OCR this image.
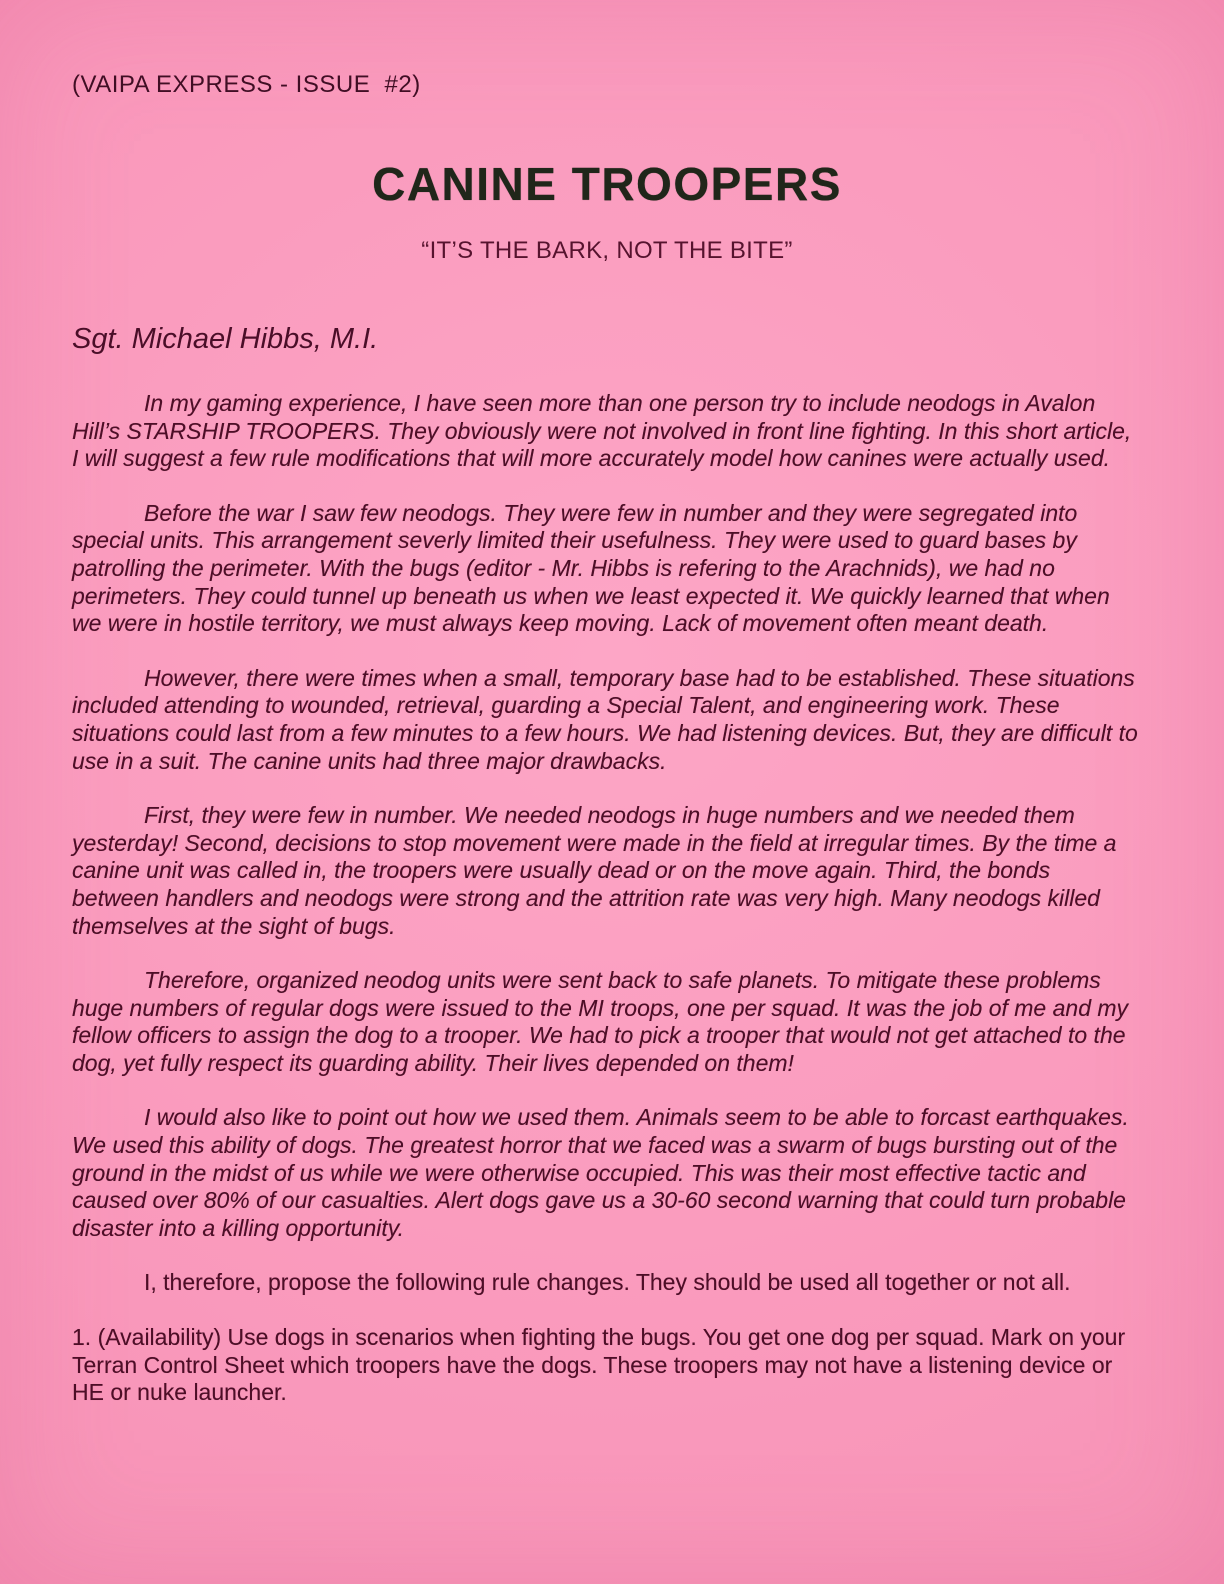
(VAIPA EXPRESS - ISSUE  #2)
CANINE TROOPERS
“IT’S THE BARK, NOT THE BITE”
Sgt. Michael Hibbs, M.I.

In my gaming experience, I have seen more than one person try to include neodogs in Avalon Hill’s STARSHIP TROOPERS. They obviously were not involved in front line fighting. In this short article, I will suggest a few rule modifications that will more accurately model how canines were actually used.

Before the war I saw few neodogs. They were few in number and they were segregated into special units. This arrangement severly limited their usefulness. They were used to guard bases by patrolling the perimeter. With the bugs (editor - Mr. Hibbs is refering to the Arachnids), we had no perimeters. They could tunnel up beneath us when we least expected it. We quickly learned that when we were in hostile territory, we must always keep moving. Lack of movement often meant death.

However, there were times when a small, temporary base had to be established. These situations included attending to wounded, retrieval, guarding a Special Talent, and engineering work. These situations could last from a few minutes to a few hours. We had listening devices. But, they are difficult to use in a suit. The canine units had three major drawbacks.

First, they were few in number. We needed neodogs in huge numbers and we needed them yesterday! Second, decisions to stop movement were made in the field at irregular times. By the time a canine unit was called in, the troopers were usually dead or on the move again. Third, the bonds between handlers and neodogs were strong and the attrition rate was very high. Many neodogs killed themselves at the sight of bugs.

Therefore, organized neodog units were sent back to safe planets. To mitigate these problems huge numbers of regular dogs were issued to the MI troops, one per squad. It was the job of me and my fellow officers to assign the dog to a trooper. We had to pick a trooper that would not get attached to the dog, yet fully respect its guarding ability. Their lives depended on them!

I would also like to point out how we used them. Animals seem to be able to forcast earthquakes. We used this ability of dogs. The greatest horror that we faced was a swarm of bugs bursting out of the ground in the midst of us while we were otherwise occupied. This was their most effective tactic and caused over 80% of our casualties. Alert dogs gave us a 30-60 second warning that could turn probable disaster into a killing opportunity.

I, therefore, propose the following rule changes. They should be used all together or not all.

1. (Availability) Use dogs in scenarios when fighting the bugs. You get one dog per squad. Mark on your Terran Control Sheet which troopers have the dogs. These troopers may not have a listening device or HE or nuke launcher.
